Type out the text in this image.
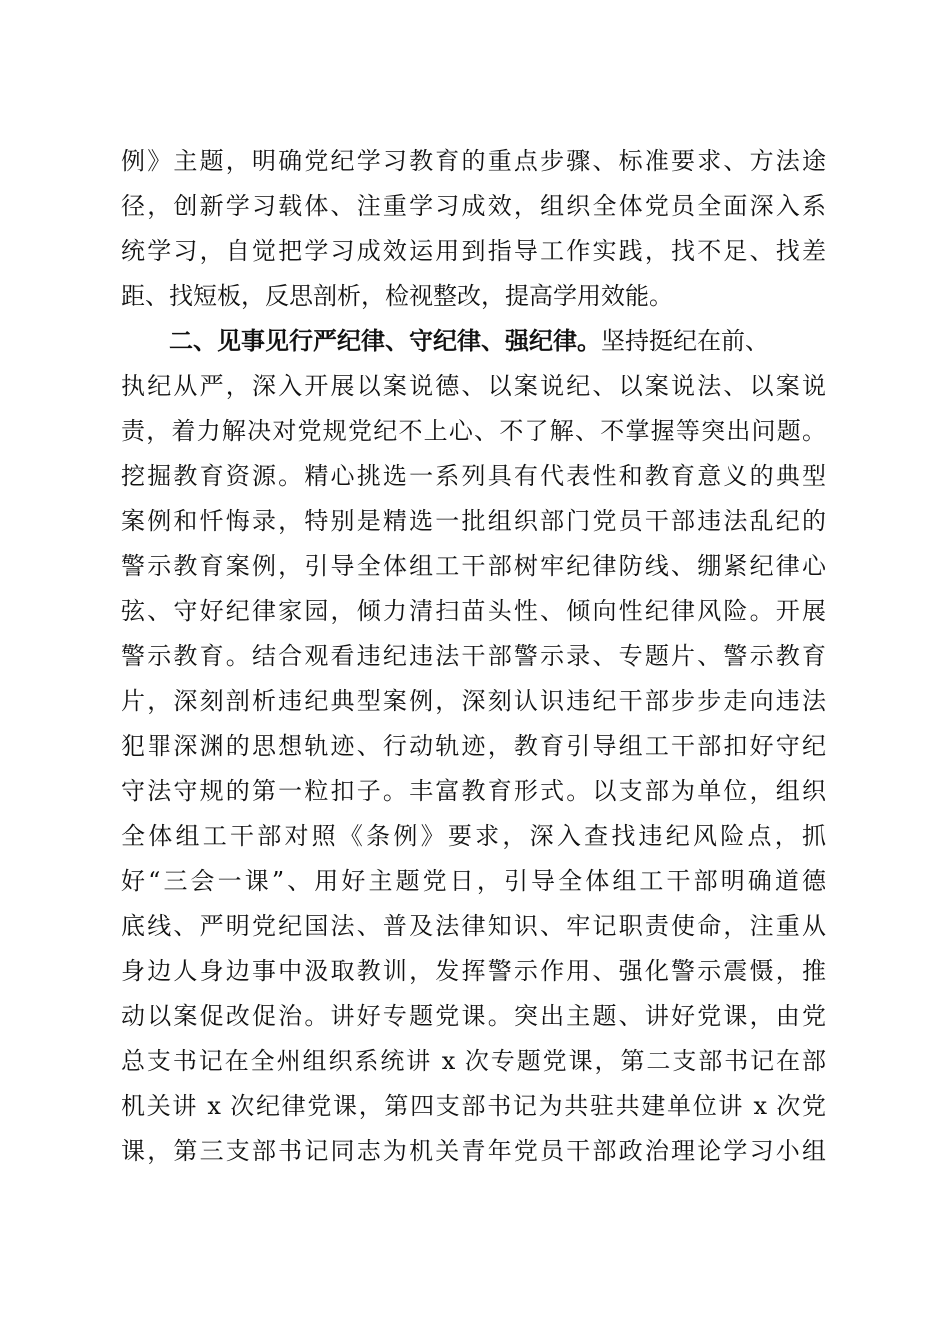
例》主题，明确党纪学习教育的重点步骤、标准要求、方法途
径，创新学习载体、注重学习成效，组织全体党员全面深入系
统学习，自觉把学习成效运用到指导工作实践，找不足、找差
距、找短板，反思剖析，检视整改，提高学用效能。
二、见事见行严纪律、守纪律、强纪律。坚持挺纪在前、
执纪从严，深入开展以案说德、以案说纪、以案说法、以案说
责，着力解决对党规党纪不上心、不了解、不掌握等突出问题。
挖掘教育资源。精心挑选一系列具有代表性和教育意义的典型
案例和忏悔录，特别是精选一批组织部门党员干部违法乱纪的
警示教育案例，引导全体组工干部树牢纪律防线、绷紧纪律心
弦、守好纪律家园，倾力清扫苗头性、倾向性纪律风险。开展
警示教育。结合观看违纪违法干部警示录、专题片、警示教育
片，深刻剖析违纪典型案例，深刻认识违纪干部步步走向违法
犯罪深渊的思想轨迹、行动轨迹，教育引导组工干部扣好守纪
守法守规的第一粒扣子。丰富教育形式。以支部为单位，组织
全体组工干部对照《条例》要求，深入查找违纪风险点，抓
好“三会一课”、用好主题党日，引导全体组工干部明确道德
底线、严明党纪国法、普及法律知识、牢记职责使命，注重从
身边人身边事中汲取教训，发挥警示作用、强化警示震慑，推
动以案促改促治。讲好专题党课。突出主题、讲好党课，由党
总支书记在全州组织系统讲 x 次专题党课，第二支部书记在部
机关讲 x 次纪律党课，第四支部书记为共驻共建单位讲 x 次党
课，第三支部书记同志为机关青年党员干部政治理论学习小组
